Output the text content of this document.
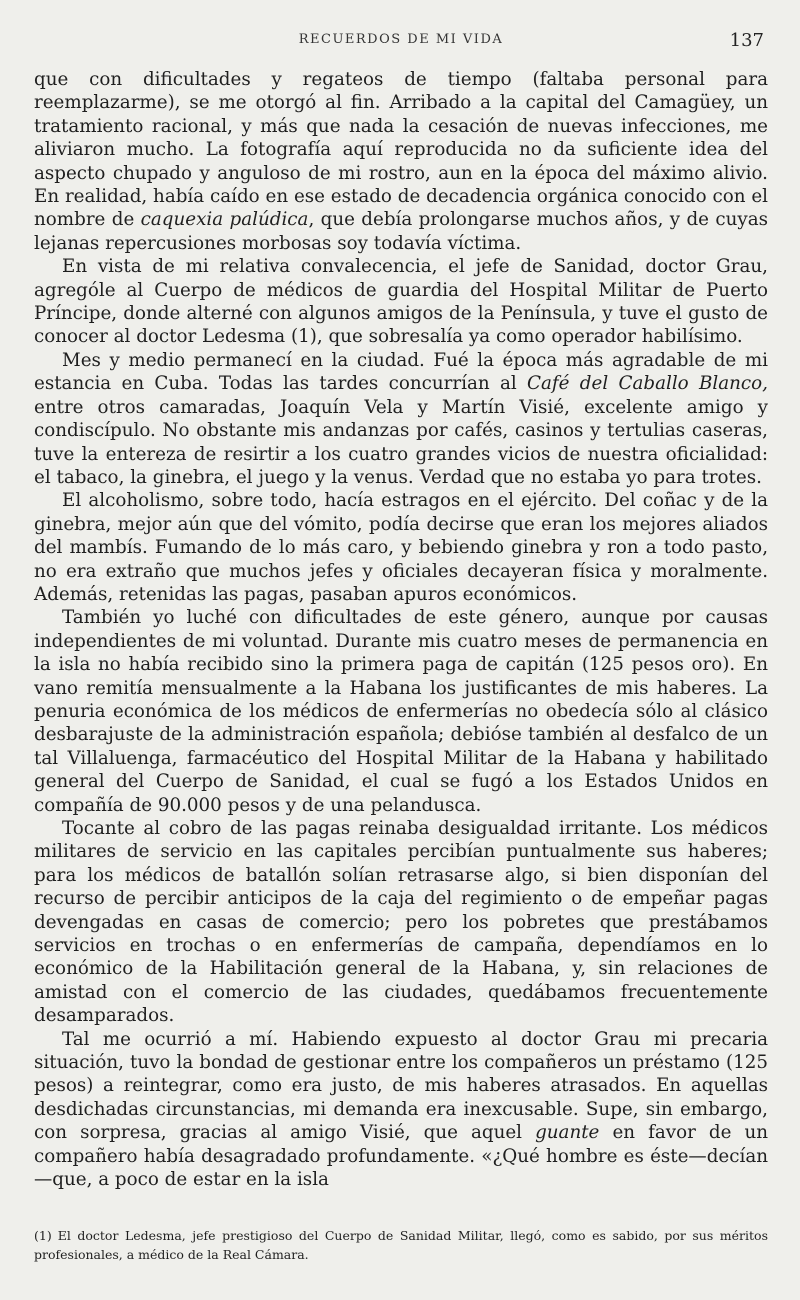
RECUERDOS DE MI VIDA	137

que con dificultades y regateos de tiempo (faltaba personal para reemplazarme), se me otorgó al fin. Arribado a la capital del Camagüey, un tratamiento racional, y más que nada la cesación de nuevas infecciones, me aliviaron mucho. La fotografía aquí reproducida no da suficiente idea del aspecto chupado y anguloso de mi rostro, aun en la época del máximo alivio. En realidad, había caído en ese estado de decadencia orgánica conocido con el nombre de caquexia palúdica, que debía prolongarse muchos años, y de cuyas lejanas repercusiones morbosas soy todavía víctima.

En vista de mi relativa convalecencia, el jefe de Sanidad, doctor Grau, agrególe al Cuerpo de médicos de guardia del Hospital Militar de Puerto Príncipe, donde alterné con algunos amigos de la Península, y tuve el gusto de conocer al doctor Ledesma (1), que sobresalía ya como operador habilísimo.

Mes y medio permanecí en la ciudad. Fué la época más agradable de mi estancia en Cuba. Todas las tardes concurrían al Café del Caballo Blanco, entre otros camaradas, Joaquín Vela y Martín Visié, excelente amigo y condiscípulo. No obstante mis andanzas por cafés, casinos y tertulias caseras, tuve la entereza de resirtir a los cuatro grandes vicios de nuestra oficialidad: el tabaco, la ginebra, el juego y la venus. Verdad que no estaba yo para trotes.

El alcoholismo, sobre todo, hacía estragos en el ejército. Del coñac y de la ginebra, mejor aún que del vómito, podía decirse que eran los mejores aliados del mambís. Fumando de lo más caro, y bebiendo ginebra y ron a todo pasto, no era extraño que muchos jefes y oficiales decayeran física y moralmente. Además, retenidas las pagas, pasaban apuros económicos.

También yo luché con dificultades de este género, aunque por causas independientes de mi voluntad. Durante mis cuatro meses de permanencia en la isla no había recibido sino la primera paga de capitán (125 pesos oro). En vano remitía mensualmente a la Habana los justificantes de mis haberes. La penuria económica de los médicos de enfermerías no obedecía sólo al clásico desbarajuste de la administración española; debióse también al desfalco de un tal Villaluenga, farmacéutico del Hospital Militar de la Habana y habilitado general del Cuerpo de Sanidad, el cual se fugó a los Estados Unidos en compañía de 90.000 pesos y de una pelandusca.

Tocante al cobro de las pagas reinaba desigualdad irritante. Los médicos militares de servicio en las capitales percibían puntualmente sus haberes; para los médicos de batallón solían retrasarse algo, si bien disponían del recurso de percibir anticipos de la caja del regimiento o de empeñar pagas devengadas en casas de comercio; pero los pobretes que prestábamos servicios en trochas o en enfermerías de campaña, dependíamos en lo económico de la Habilitación general de la Habana, y, sin relaciones de amistad con el comercio de las ciudades, quedábamos frecuentemente desamparados.

Tal me ocurrió a mí. Habiendo expuesto al doctor Grau mi precaria situación, tuvo la bondad de gestionar entre los compañeros un préstamo (125 pesos) a reintegrar, como era justo, de mis haberes atrasados. En aquellas desdichadas circunstancias, mi demanda era inexcusable. Supe, sin embargo, con sorpresa, gracias al amigo Visié, que aquel guante en favor de un compañero había desagradado profundamente. «¿Qué hombre es éste—decían—que, a poco de estar en la isla

(1) El doctor Ledesma, jefe prestigioso del Cuerpo de Sanidad Militar, llegó, como es sabido, por sus méritos profesionales, a médico de la Real Cámara.
